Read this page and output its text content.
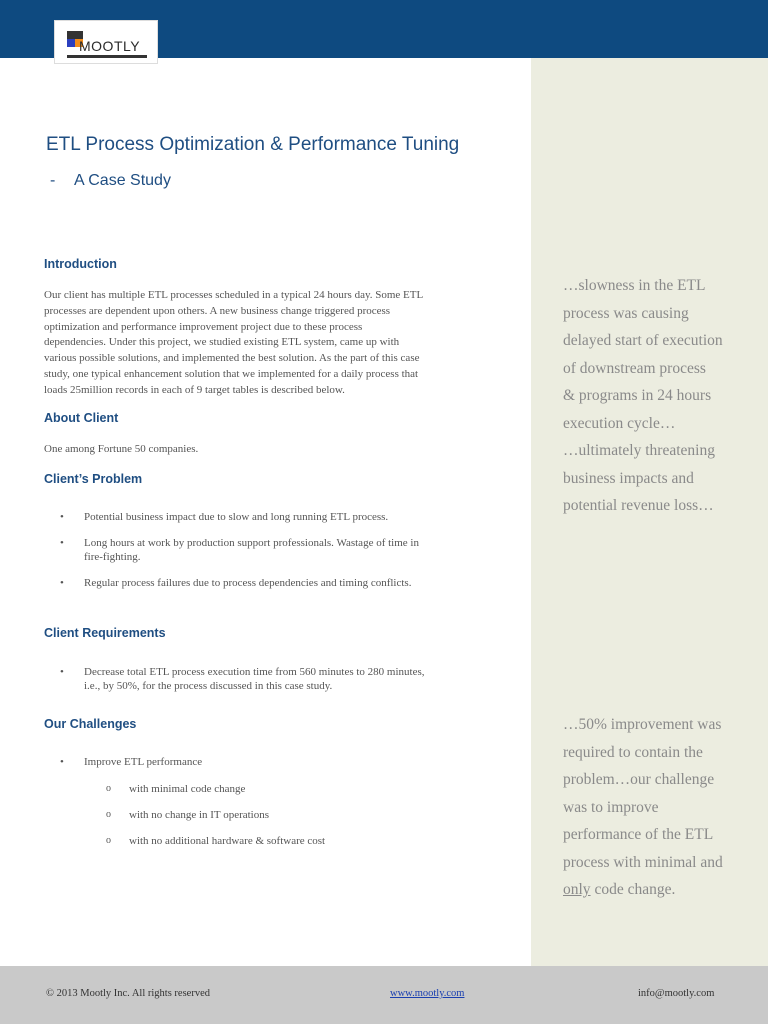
MOOTLY
ETL Process Optimization & Performance Tuning
- A Case Study
Introduction
Our client has multiple ETL processes scheduled in a typical 24 hours day. Some ETL
processes are dependent upon others. A new business change triggered process
optimization and performance improvement project due to these process
dependencies. Under this project, we studied existing ETL system, came up with
various possible solutions, and implemented the best solution. As the part of this case
study, one typical enhancement solution that we implemented for a daily process that
loads 25million records in each of 9 target tables is described below.
About Client
One among Fortune 50 companies.
Client’s Problem
• Potential business impact due to slow and long running ETL process.
• Long hours at work by production support professionals. Wastage of time in
fire-fighting.
• Regular process failures due to process dependencies and timing conflicts.
Client Requirements
• Decrease total ETL process execution time from 560 minutes to 280 minutes,
i.e., by 50%, for the process discussed in this case study.
Our Challenges
• Improve ETL performance
o with minimal code change
o with no change in IT operations
o with no additional hardware & software cost
…slowness in the ETL
process was causing
delayed start of execution
of downstream process
& programs in 24 hours
execution cycle…
…ultimately threatening
business impacts and
potential revenue loss…
…50% improvement was
required to contain the
problem…our challenge
was to improve
performance of the ETL
process with minimal and
only code change.
© 2013 Mootly Inc. All rights reserved	www.mootly.com	info@mootly.com
